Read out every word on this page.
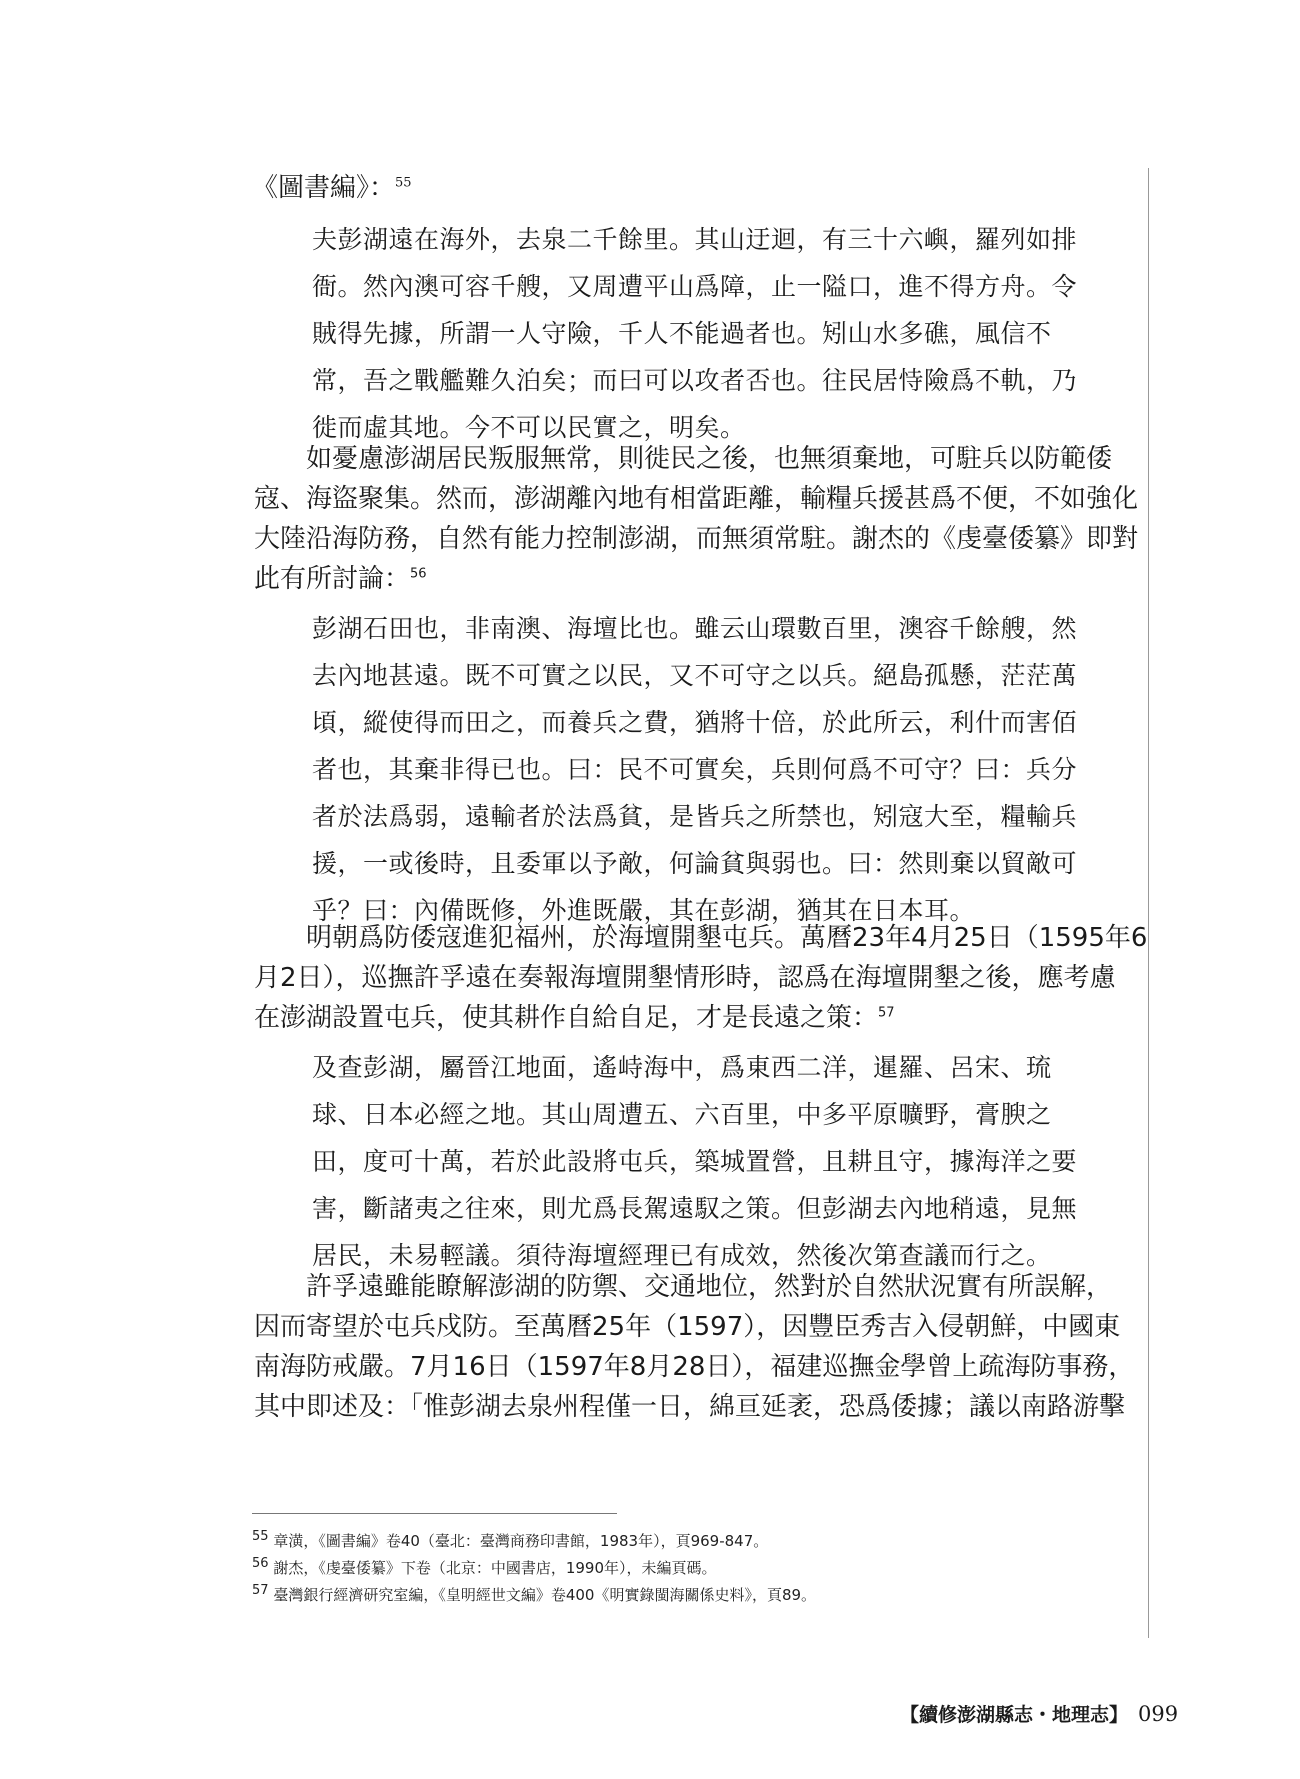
《圖書編》：$^{55}$
夫彭湖遠在海外，去泉二千餘里。其山迂迴，有三十六嶼，羅列如排
衙。然內澳可容千艘，又周遭平山爲障，止一隘口，進不得方舟。令
賊得先據，所謂一人守險，千人不能過者也。矧山水多礁，風信不
常，吾之戰艦難久泊矣；而曰可以攻者否也。往民居恃險爲不軌，乃
徙而虛其地。今不可以民實之，明矣。
如憂慮澎湖居民叛服無常，則徙民之後，也無須棄地，可駐兵以防範倭
寇、海盜聚集。然而，澎湖離內地有相當距離，輸糧兵援甚爲不便，不如強化
大陸沿海防務，自然有能力控制澎湖，而無須常駐。謝杰的《虔臺倭纂》即對
此有所討論：$^{56}$
彭湖石田也，非南澳、海壇比也。雖云山環數百里，澳容千餘艘，然
去內地甚遠。既不可實之以民，又不可守之以兵。絕島孤懸，茫茫萬
頃，縱使得而田之，而養兵之費，猶將十倍，於此所云，利什而害佰
者也，其棄非得已也。曰：民不可實矣，兵則何爲不可守？曰：兵分
者於法爲弱，遠輸者於法爲貧，是皆兵之所禁也，矧寇大至，糧輸兵
援，一或後時，且委軍以予敵，何論貧與弱也。曰：然則棄以貿敵可
乎？曰：內備既修，外進既嚴，其在彭湖，猶其在日本耳。
明朝爲防倭寇進犯福州，於海壇開墾屯兵。萬曆23年4月25日（1595年6
月2日），巡撫許孚遠在奏報海壇開墾情形時，認爲在海壇開墾之後，應考慮
在澎湖設置屯兵，使其耕作自給自足，才是長遠之策：$^{57}$
及查彭湖，屬晉江地面，遙峙海中，爲東西二洋，暹羅、呂宋、琉
球、日本必經之地。其山周遭五、六百里，中多平原曠野，膏腴之
田，度可十萬，若於此設將屯兵，築城置營，且耕且守，據海洋之要
害，斷諸夷之往來，則尤爲長駕遠馭之策。但彭湖去內地稍遠，見無
居民，未易輕議。須待海壇經理已有成效，然後次第查議而行之。
許孚遠雖能瞭解澎湖的防禦、交通地位，然對於自然狀況實有所誤解，
因而寄望於屯兵戍防。至萬曆25年（1597），因豐臣秀吉入侵朝鮮，中國東
南海防戒嚴。7月16日（1597年8月28日），福建巡撫金學曾上疏海防事務，
其中即述及：「惟彭湖去泉州程僅一日，綿亘延袤，恐爲倭據；議以南路游擊
$^{55}$ 章潢，《圖書編》卷40（臺北：臺灣商務印書館，1983年），頁969-847。
$^{56}$ 謝杰，《虔臺倭纂》下卷（北京：中國書店，1990年），未編頁碼。
$^{57}$ 臺灣銀行經濟研究室編，《皇明經世文編》卷400《明實錄閩海關係史料》，頁89。
【續修澎湖縣志・地理志】 099
